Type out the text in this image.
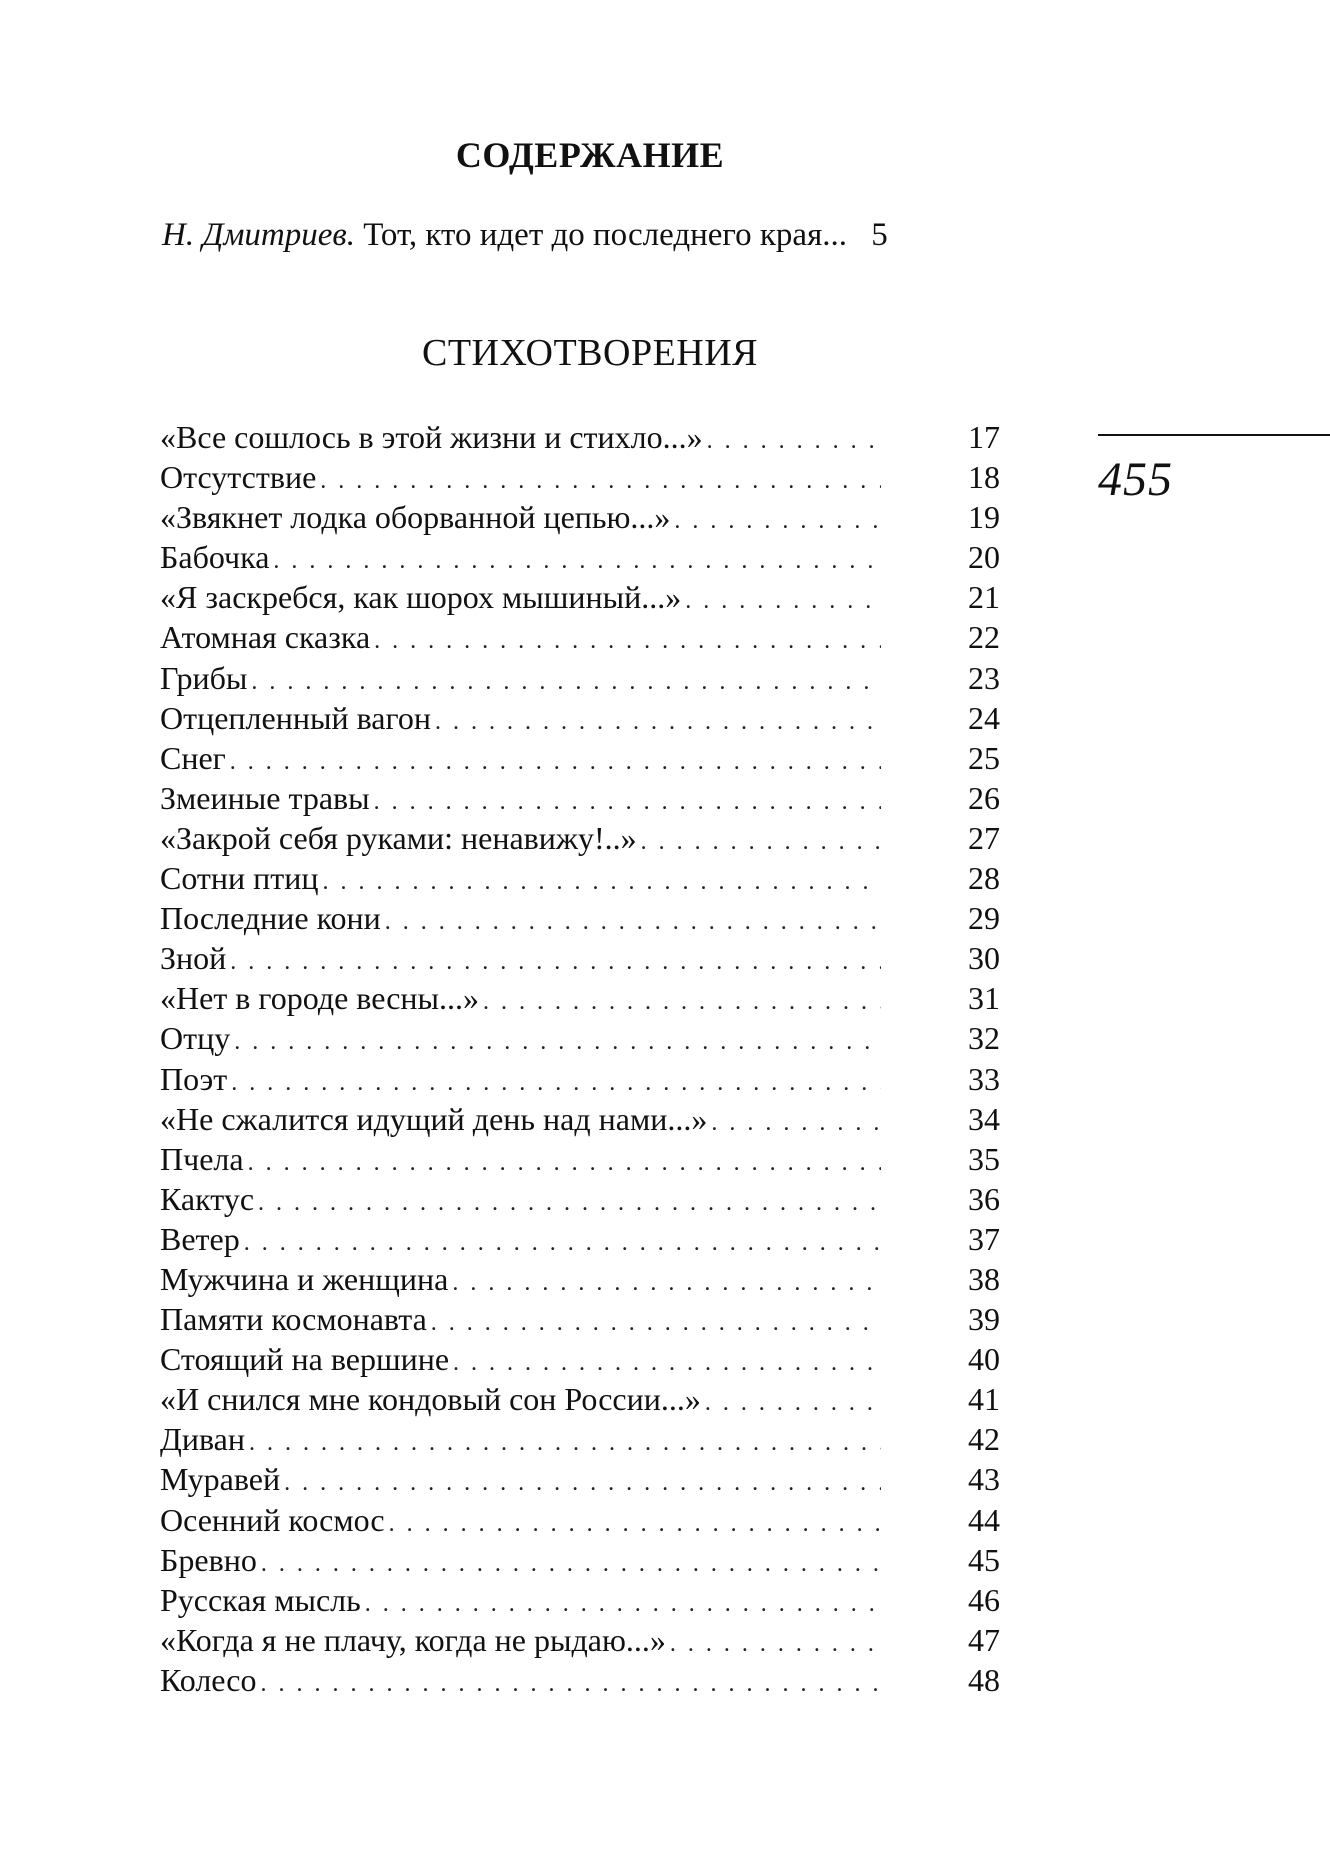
СОДЕРЖАНИЕ
Н. Дмитриев. Тот, кто идет до последнего края... 5
СТИХОТВОРЕНИЯ
«Все сошлось в этой жизни и стихло...» . . .	17
Отсутствие . . .	18
«Звякнет лодка оборванной цепью...» . . .	19
Бабочка . . .	20
«Я заскребся, как шорох мышиный...» . . .	21
Атомная сказка . . .	22
Грибы . . .	23
Отцепленный вагон . . .	24
Снег . . .	25
Змеиные травы . . .	26
«Закрой себя руками: ненавижу!..» . . .	27
Сотни птиц . . .	28
Последние кони . . .	29
Зной . . .	30
«Нет в городе весны...» . . .	31
Отцу . . .	32
Поэт . . .	33
«Не сжалится идущий день над нами...» . . .	34
Пчела . . .	35
Кактус . . .	36
Ветер . . .	37
Мужчина и женщина . . .	38
Памяти космонавта . . .	39
Стоящий на вершине . . .	40
«И снился мне кондовый сон России...» . . .	41
Диван . . .	42
Муравей . . .	43
Осенний космос . . .	44
Бревно . . .	45
Русская мысль . . .	46
«Когда я не плачу, когда не рыдаю...» . . .	47
Колесо . . .	48
455
